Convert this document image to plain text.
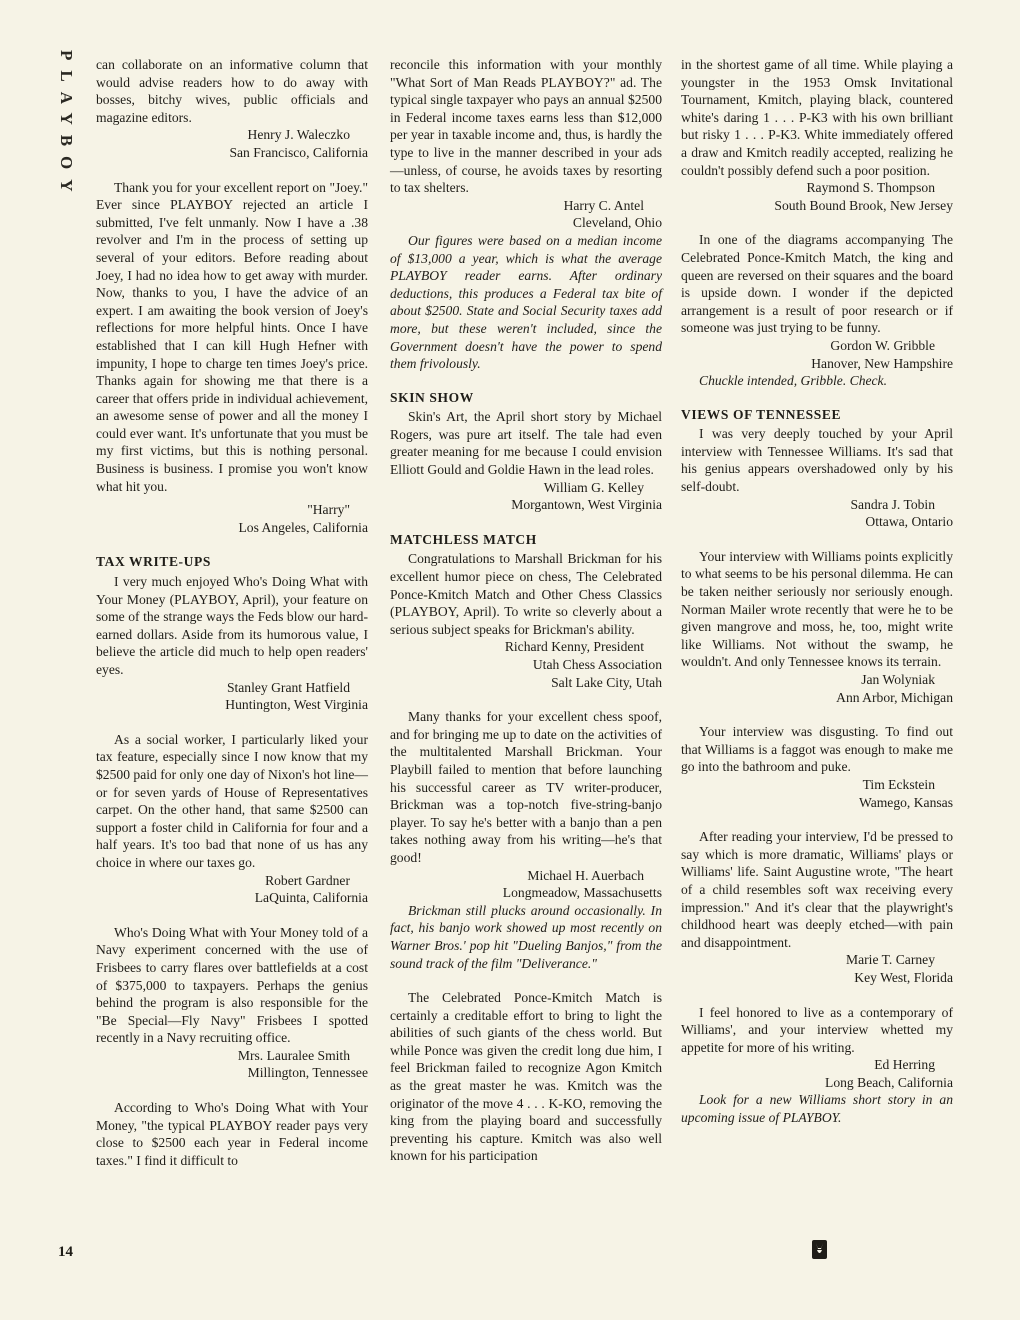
PLAYBOY
14

can collaborate on an informative column that would advise readers how to do away with bosses, bitchy wives, public officials and magazine editors.

Henry J. Waleczko

San Francisco, California

Thank you for your excellent report on "Joey." Ever since PLAYBOY rejected an article I submitted, I've felt unmanly. Now I have a .38 revolver and I'm in the process of setting up several of your editors. Before reading about Joey, I had no idea how to get away with murder. Now, thanks to you, I have the advice of an expert. I am awaiting the book version of Joey's reflections for more helpful hints. Once I have established that I can kill Hugh Hefner with impunity, I hope to charge ten times Joey's price. Thanks again for showing me that there is a career that offers pride in individual achievement, an awesome sense of power and all the money I could ever want. It's unfortunate that you must be my first victims, but this is nothing personal. Business is business. I promise you won't know what hit you.

"Harry"

Los Angeles, California

TAX WRITE-UPS

I very much enjoyed Who's Doing What with Your Money (PLAYBOY, April), your feature on some of the strange ways the Feds blow our hard-earned dollars. Aside from its humorous value, I believe the article did much to help open readers' eyes.

Stanley Grant Hatfield

Huntington, West Virginia

As a social worker, I particularly liked your tax feature, especially since I now know that my $2500 paid for only one day of Nixon's hot line—or for seven yards of House of Representatives carpet. On the other hand, that same $2500 can support a foster child in California for four and a half years. It's too bad that none of us has any choice in where our taxes go.

Robert Gardner

LaQuinta, California

Who's Doing What with Your Money told of a Navy experiment concerned with the use of Frisbees to carry flares over battlefields at a cost of $375,000 to taxpayers. Perhaps the genius behind the program is also responsible for the "Be Special—Fly Navy" Frisbees I spotted recently in a Navy recruiting office.

Mrs. Lauralee Smith

Millington, Tennessee

According to Who's Doing What with Your Money, "the typical PLAYBOY reader pays very close to $2500 each year in Federal income taxes." I find it difficult to

reconcile this information with your monthly "What Sort of Man Reads PLAYBOY?" ad. The typical single taxpayer who pays an annual $2500 in Federal income taxes earns less than $12,000 per year in taxable income and, thus, is hardly the type to live in the manner described in your ads—unless, of course, he avoids taxes by resorting to tax shelters.

Harry C. Antel

Cleveland, Ohio

Our figures were based on a median income of $13,000 a year, which is what the average PLAYBOY reader earns. After ordinary deductions, this produces a Federal tax bite of about $2500. State and Social Security taxes add more, but these weren't included, since the Government doesn't have the power to spend them frivolously.

SKIN SHOW

Skin's Art, the April short story by Michael Rogers, was pure art itself. The tale had even greater meaning for me because I could envision Elliott Gould and Goldie Hawn in the lead roles.

William G. Kelley

Morgantown, West Virginia

MATCHLESS MATCH

Congratulations to Marshall Brickman for his excellent humor piece on chess, The Celebrated Ponce-Kmitch Match and Other Chess Classics (PLAYBOY, April). To write so cleverly about a serious subject speaks for Brickman's ability.

Richard Kenny, President

Utah Chess Association

Salt Lake City, Utah

Many thanks for your excellent chess spoof, and for bringing me up to date on the activities of the multitalented Marshall Brickman. Your Playbill failed to mention that before launching his successful career as TV writer-producer, Brickman was a top-notch five-string-banjo player. To say he's better with a banjo than a pen takes nothing away from his writing—he's that good!

Michael H. Auerbach

Longmeadow, Massachusetts

Brickman still plucks around occasionally. In fact, his banjo work showed up most recently on Warner Bros.' pop hit "Dueling Banjos," from the sound track of the film "Deliverance."

The Celebrated Ponce-Kmitch Match is certainly a creditable effort to bring to light the abilities of such giants of the chess world. But while Ponce was given the credit long due him, I feel Brickman failed to recognize Agon Kmitch as the great master he was. Kmitch was the originator of the move 4 . . . K-KO, removing the king from the playing board and successfully preventing his capture. Kmitch was also well known for his participation

in the shortest game of all time. While playing a youngster in the 1953 Omsk Invitational Tournament, Kmitch, playing black, countered white's daring 1 . . . P-K3 with his own brilliant but risky 1 . . . P-K3. White immediately offered a draw and Kmitch readily accepted, realizing he couldn't possibly defend such a poor position.

Raymond S. Thompson

South Bound Brook, New Jersey

In one of the diagrams accompanying The Celebrated Ponce-Kmitch Match, the king and queen are reversed on their squares and the board is upside down. I wonder if the depicted arrangement is a result of poor research or if someone was just trying to be funny.

Gordon W. Gribble

Hanover, New Hampshire

Chuckle intended, Gribble. Check.

VIEWS OF TENNESSEE

I was very deeply touched by your April interview with Tennessee Williams. It's sad that his genius appears overshadowed only by his self-doubt.

Sandra J. Tobin

Ottawa, Ontario

Your interview with Williams points explicitly to what seems to be his personal dilemma. He can be taken neither seriously nor seriously enough. Norman Mailer wrote recently that were he to be given mangrove and moss, he, too, might write like Williams. Not without the swamp, he wouldn't. And only Tennessee knows its terrain.

Jan Wolyniak

Ann Arbor, Michigan

Your interview was disgusting. To find out that Williams is a faggot was enough to make me go into the bathroom and puke.

Tim Eckstein

Wamego, Kansas

After reading your interview, I'd be pressed to say which is more dramatic, Williams' plays or Williams' life. Saint Augustine wrote, "The heart of a child resembles soft wax receiving every impression." And it's clear that the playwright's childhood heart was deeply etched—with pain and disappointment.

Marie T. Carney

Key West, Florida

I feel honored to live as a contemporary of Williams', and your interview whetted my appetite for more of his writing.

Ed Herring

Long Beach, California

Look for a new Williams short story in an upcoming issue of PLAYBOY.
